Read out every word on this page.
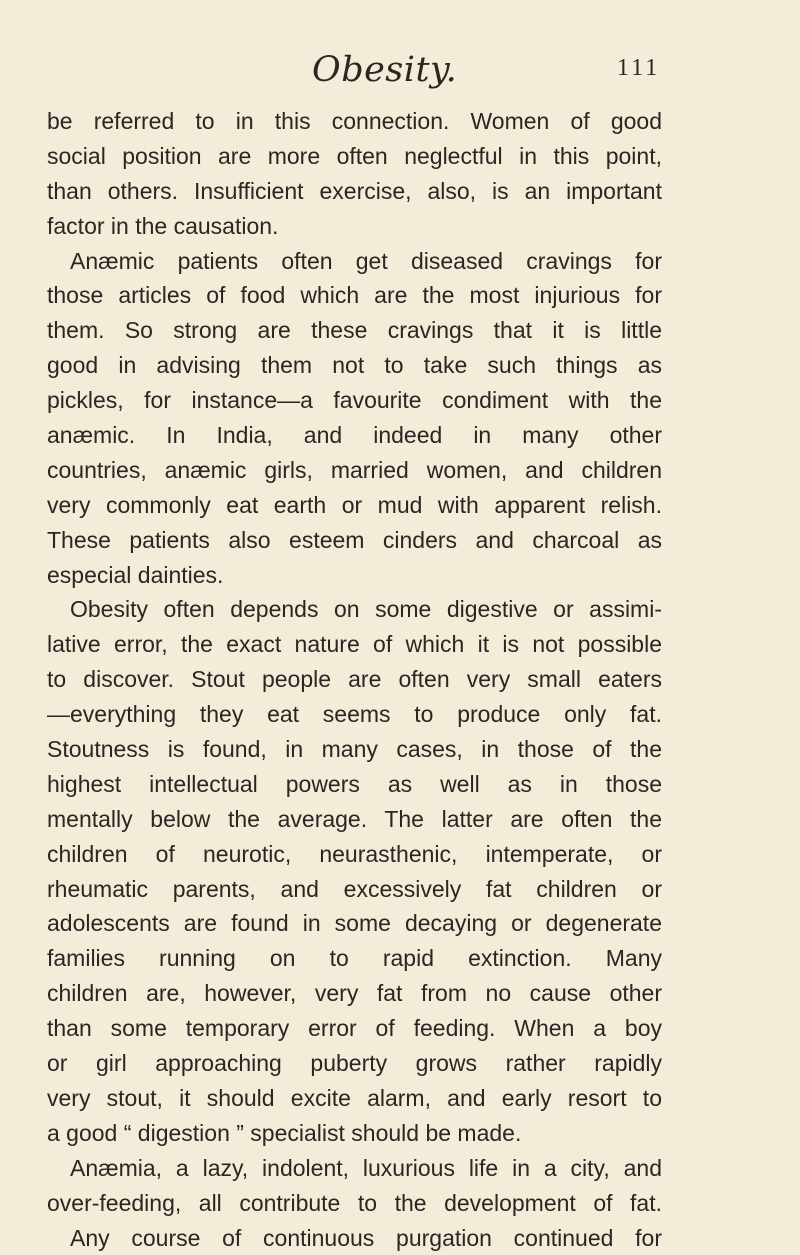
Obesity.	111
be referred to in this connection. Women of good
social position are more often neglectful in this point,
than others. Insufficient exercise, also, is an important
factor in the causation.
Anæmic patients often get diseased cravings for
those articles of food which are the most injurious for
them. So strong are these cravings that it is little
good in advising them not to take such things as
pickles, for instance—a favourite condiment with the
anæmic. In India, and indeed in many other
countries, anæmic girls, married women, and children
very commonly eat earth or mud with apparent relish.
These patients also esteem cinders and charcoal as
especial dainties.
Obesity often depends on some digestive or assimi-
lative error, the exact nature of which it is not possible
to discover. Stout people are often very small eaters
—everything they eat seems to produce only fat.
Stoutness is found, in many cases, in those of the
highest intellectual powers as well as in those
mentally below the average. The latter are often the
children of neurotic, neurasthenic, intemperate, or
rheumatic parents, and excessively fat children or
adolescents are found in some decaying or degenerate
families running on to rapid extinction. Many
children are, however, very fat from no cause other
than some temporary error of feeding. When a boy
or girl approaching puberty grows rather rapidly
very stout, it should excite alarm, and early resort to
a good “ digestion ” specialist should be made.
Anæmia, a lazy, indolent, luxurious life in a city, and
over-feeding, all contribute to the development of fat.
Any course of continuous purgation continued for
